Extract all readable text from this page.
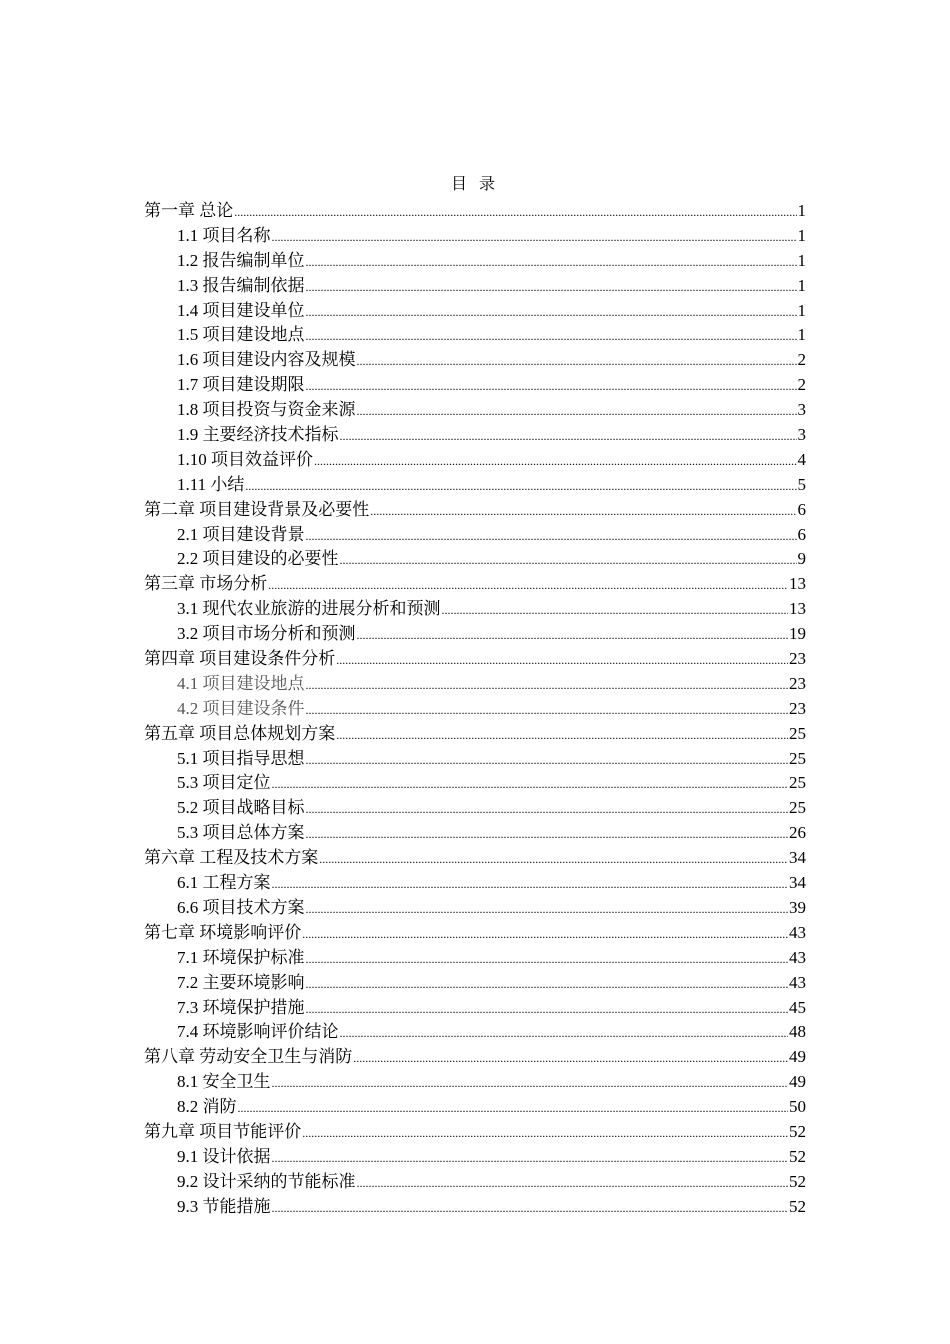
目 录
第一章 总论 .....	1
1.1 项目名称 .....	1
1.2 报告编制单位 .....	1
1.3 报告编制依据 .....	1
1.4 项目建设单位 .....	1
1.5 项目建设地点 .....	1
1.6 项目建设内容及规模 .....	2
1.7 项目建设期限 .....	2
1.8 项目投资与资金来源 .....	3
1.9 主要经济技术指标 .....	3
1.10 项目效益评价 .....	4
1.11 小结 .....	5
第二章 项目建设背景及必要性 .....	6
2.1 项目建设背景 .....	6
2.2 项目建设的必要性 .....	9
第三章 市场分析 .....	13
3.1 现代农业旅游的进展分析和预测 .....	13
3.2 项目市场分析和预测 .....	19
第四章 项目建设条件分析 .....	23
4.1 项目建设地点 .....	23
4.2 项目建设条件 .....	23
第五章 项目总体规划方案 .....	25
5.1 项目指导思想 .....	25
5.3 项目定位 .....	25
5.2 项目战略目标 .....	25
5.3 项目总体方案 .....	26
第六章 工程及技术方案 .....	34
6.1 工程方案 .....	34
6.6 项目技术方案 .....	39
第七章 环境影响评价 .....	43
7.1 环境保护标准 .....	43
7.2 主要环境影响 .....	43
7.3 环境保护措施 .....	45
7.4 环境影响评价结论 .....	48
第八章 劳动安全卫生与消防 .....	49
8.1 安全卫生 .....	49
8.2 消防 .....	50
第九章 项目节能评价 .....	52
9.1 设计依据 .....	52
9.2 设计采纳的节能标准 .....	52
9.3 节能措施 .....	52
